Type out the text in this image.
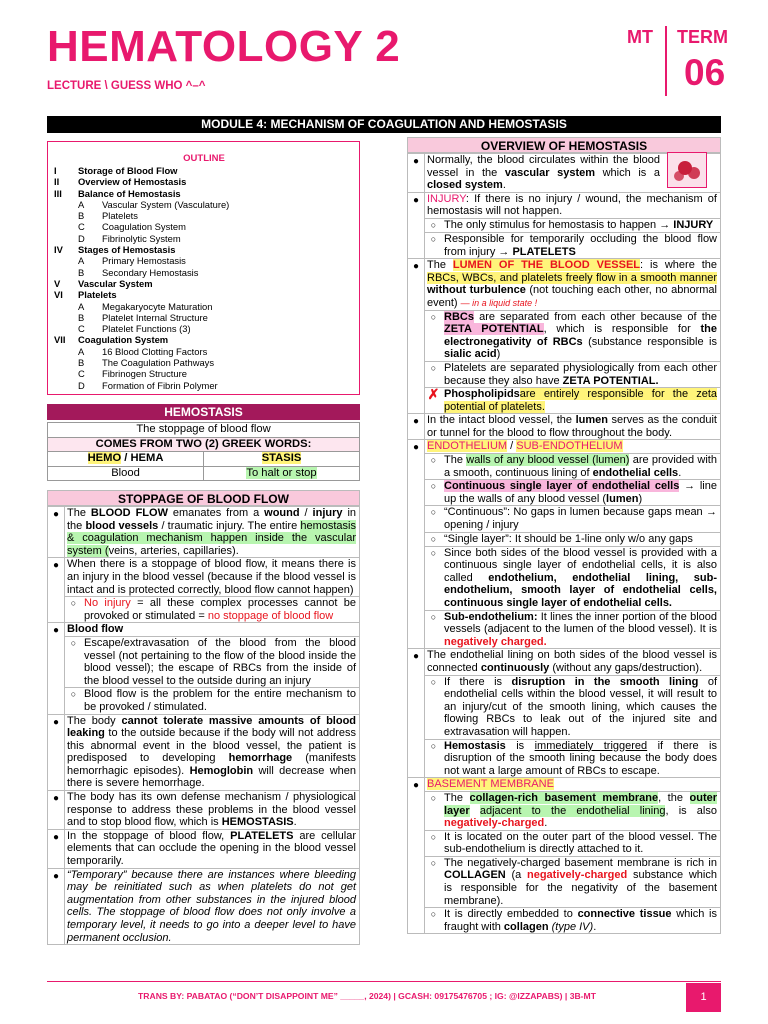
HEMATOLOGY 2
LECTURE \ GUESS WHO ^–^
MT TERM
06
MODULE 4: MECHANISM OF COAGULATION AND HEMOSTASIS
OUTLINE
I	Storage of Blood Flow
II	Overview of Hemostasis
III	Balance of Hemostasis
A	Vascular System (Vasculature)
B	Platelets
C	Coagulation System
D	Fibrinolytic System
IV	Stages of Hemostasis
A	Primary Hemostasis
B	Secondary Hemostasis
V	Vascular System
VI	Platelets
A	Megakaryocyte Maturation
B	Platelet Internal Structure
C	Platelet Functions (3)
VII	Coagulation System
A	16 Blood Clotting Factors
B	The Coagulation Pathways
C	Fibrinogen Structure
D	Formation of Fibrin Polymer
HEMOSTASIS
The stoppage of blood flow	
COMES FROM TWO (2) GREEK WORDS:	
HEMO / HEMA	STASIS
Blood	To halt or stop
STOPPAGE OF BLOOD FLOW
●	The BLOOD FLOW emanates from a wound / injury in the blood vessels / traumatic injury. The entire hemostasis & coagulation mechanism happen inside the vascular system (veins, arteries, capillaries).
●	When there is a stoppage of blood flow, it means there is an injury in the blood vessel (because if the blood vessel is intact and is protected correctly, blood flow cannot happen)
○	No injury = all these complex processes cannot be provoked or stimulated = no stoppage of blood flow

●	Blood flow
○	Escape/extravasation of the blood from the blood vessel (not pertaining to the flow of the blood inside the blood vessel); the escape of RBCs from the inside of the blood vessel to the outside during an injury
○	Blood flow is the problem for the entire mechanism to be provoked / stimulated.

●	The body cannot tolerate massive amounts of blood leaking to the outside because if the body will not address this abnormal event in the blood vessel, the patient is predisposed to developing hemorrhage (manifests hemorrhagic episodes). Hemoglobin will decrease when there is severe hemorrhage.
●	The body has its own defense mechanism / physiological response to address these problems in the blood vessel and to stop blood flow, which is HEMOSTASIS.
●	In the stoppage of blood flow, PLATELETS are cellular elements that can occlude the opening in the blood vessel temporarily.
●	“Temporary” because there are instances where bleeding may be reinitiated such as when platelets do not get augmentation from other substances in the injured blood cells. The stoppage of blood flow does not only involve a temporary level, it needs to go into a deeper level to have permanent occlusion.
OVERVIEW OF HEMOSTASIS
●	Normally, the blood circulates within the blood vessel in the vascular system which is a closed system.
●	INJURY: If there is no injury / wound, the mechanism of hemostasis will not happen.
○	The only stimulus for hemostasis to happen → INJURY
○	Responsible for temporarily occluding the blood flow from injury → PLATELETS

●	The LUMEN OF THE BLOOD VESSEL: is where the RBCs, WBCs, and platelets freely flow in a smooth manner without turbulence (not touching each other, no abnormal event) — in a liquid state !
○	RBCs are separated from each other because of the ZETA POTENTIAL, which is responsible for the electronegativity of RBCs (substance responsible is sialic acid)
○	Platelets are separated physiologically from each other because they also have ZETA POTENTIAL.
✗	Phospholipidsare entirely responsible for the zeta potential of platelets.

●	In the intact blood vessel, the lumen serves as the conduit or tunnel for the blood to flow throughout the body.
●	ENDOTHELIUM / SUB-ENDOTHELIUM
○	The walls of any blood vessel (lumen) are provided with a smooth, continuous lining of endothelial cells.
○	Continuous single layer of endothelial cells → line up the walls of any blood vessel (lumen)
○	“Continuous”: No gaps in lumen because gaps mean → opening / injury
○	“Single layer”: It should be 1-line only w/o any gaps
○	Since both sides of the blood vessel is provided with a continuous single layer of endothelial cells, it is also called endothelium, endothelial lining, sub-endothelium, smooth layer of endothelial cells, continuous single layer of endothelial cells.
○	Sub-endothelium: It lines the inner portion of the blood vessels (adjacent to the lumen of the blood vessel). It is negatively charged.

●	The endothelial lining on both sides of the blood vessel is connected continuously (without any gaps/destruction).
○	If there is disruption in the smooth lining of endothelial cells within the blood vessel, it will result to an injury/cut of the smooth lining, which causes the flowing RBCs to leak out of the injured site and extravasation will happen.
○	Hemostasis is immediately triggered if there is disruption of the smooth lining because the body does not want a large amount of RBCs to escape.

●	BASEMENT MEMBRANE
○	The collagen-rich basement membrane, the outer layer adjacent to the endothelial lining, is also negatively-charged.
○	It is located on the outer part of the blood vessel. The sub-endothelium is directly attached to it.
○	The negatively-charged basement membrane is rich in COLLAGEN (a negatively-charged substance which is responsible for the negativity of the basement membrane).
○	It is directly embedded to connective tissue which is fraught with collagen (type IV).
TRANS BY: PABATAO (“DON’T DISAPPOINT ME” _____, 2024) | GCASH: 09175476705 ; IG: @IZZAPABS) | 3B-MT	1
